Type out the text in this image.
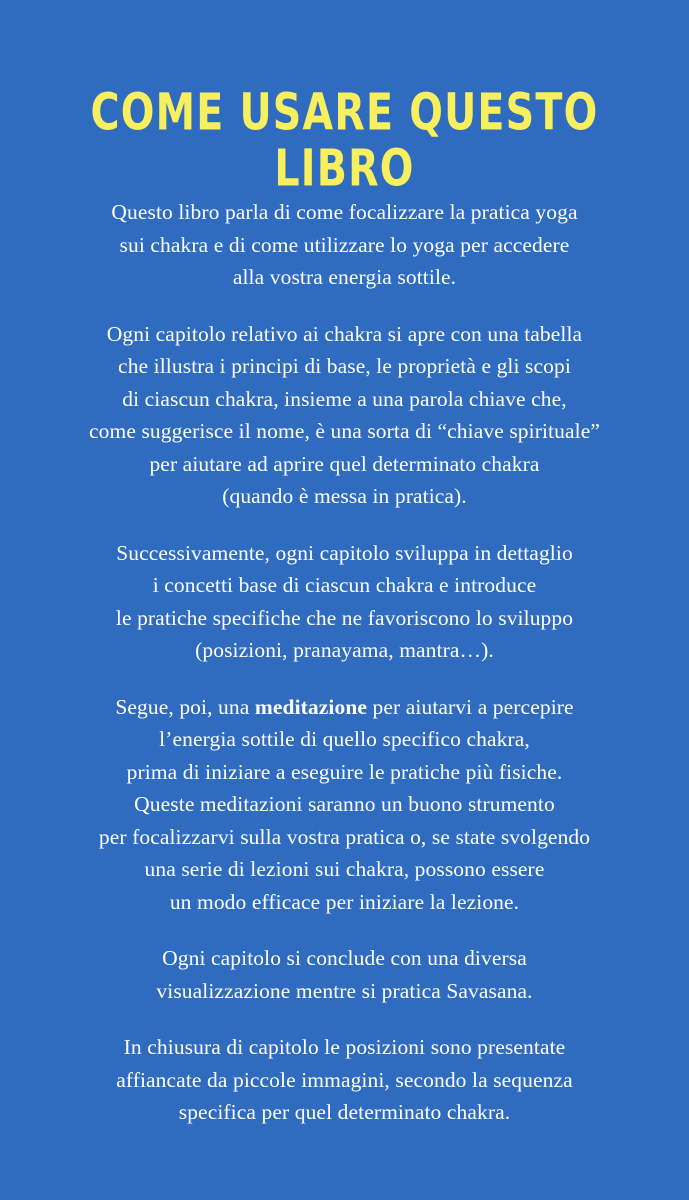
COME USARE QUESTO LIBRO

Questo libro parla di come focalizzare la pratica yoga
sui chakra e di come utilizzare lo yoga per accedere
alla vostra energia sottile.

Ogni capitolo relativo ai chakra si apre con una tabella
che illustra i principi di base, le proprietà e gli scopi
di ciascun chakra, insieme a una parola chiave che,
come suggerisce il nome, è una sorta di “chiave spirituale”
per aiutare ad aprire quel determinato chakra
(quando è messa in pratica).

Successivamente, ogni capitolo sviluppa in dettaglio
i concetti base di ciascun chakra e introduce
le pratiche specifiche che ne favoriscono lo sviluppo
(posizioni, pranayama, mantra…).

Segue, poi, una meditazione per aiutarvi a percepire
l’energia sottile di quello specifico chakra,
prima di iniziare a eseguire le pratiche più fisiche.
Queste meditazioni saranno un buono strumento
per focalizzarvi sulla vostra pratica o, se state svolgendo
una serie di lezioni sui chakra, possono essere
un modo efficace per iniziare la lezione.

Ogni capitolo si conclude con una diversa
visualizzazione mentre si pratica Savasana.

In chiusura di capitolo le posizioni sono presentate
affiancate da piccole immagini, secondo la sequenza
specifica per quel determinato chakra.
